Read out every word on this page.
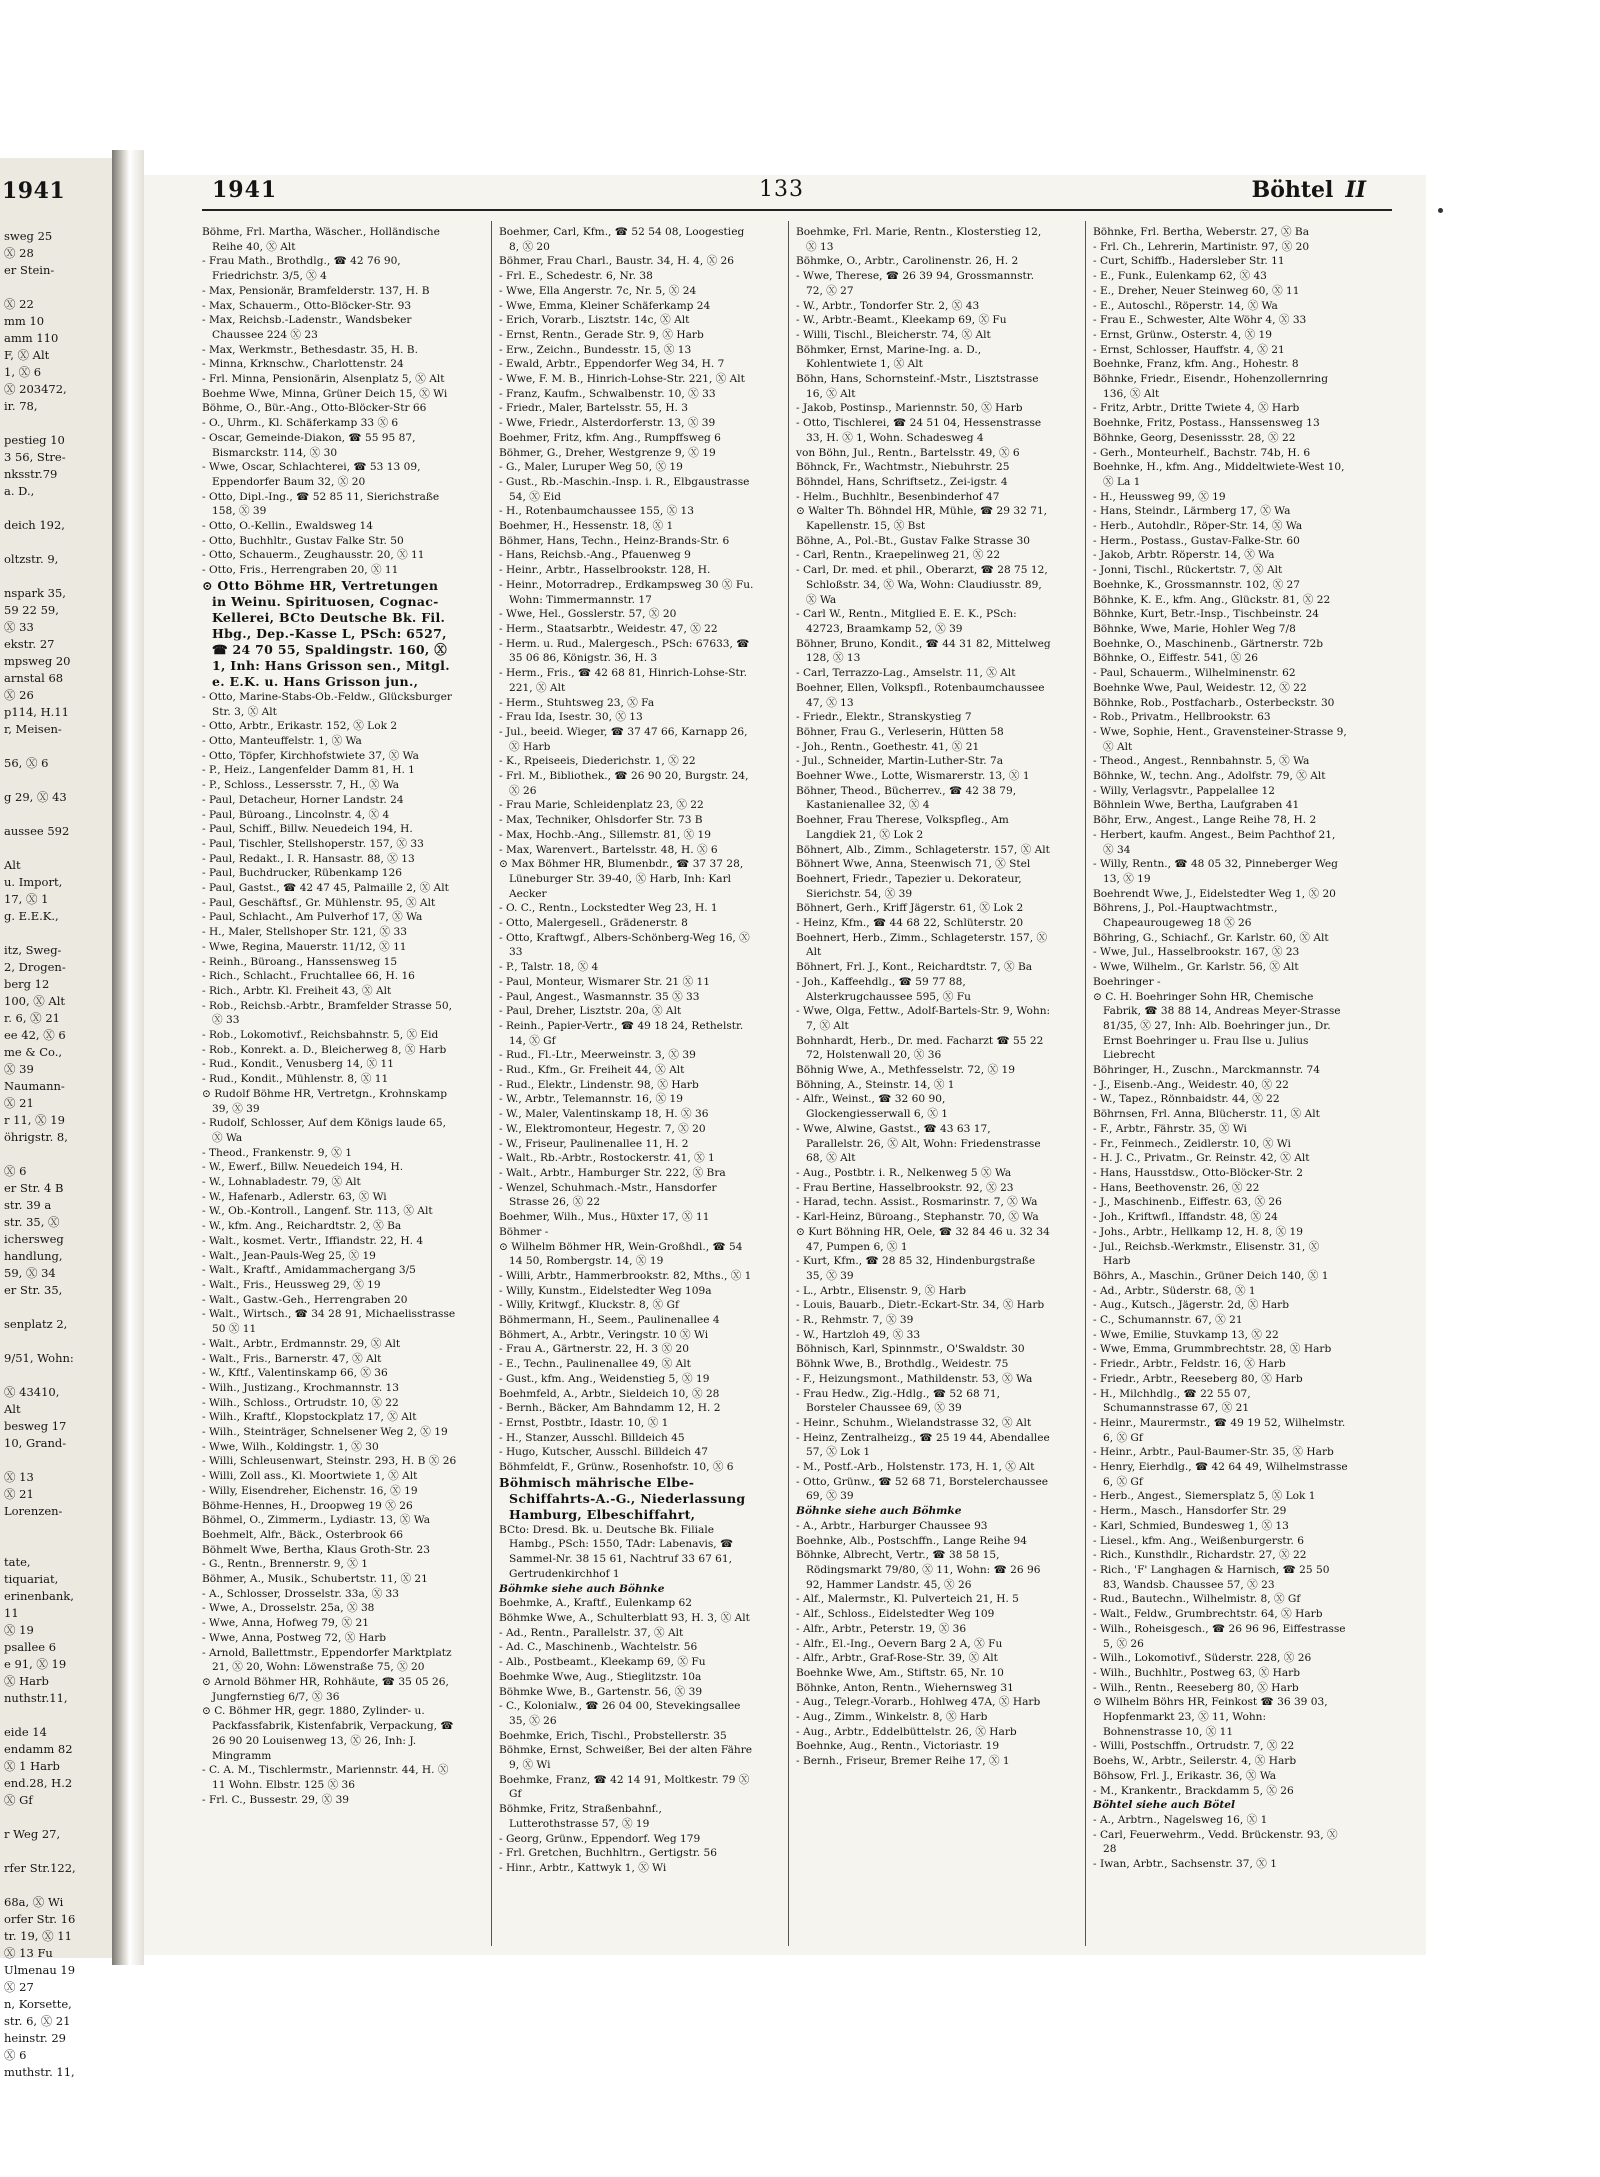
1941
sweg 25
Ⓧ 28
er Stein-
Ⓧ 22
mm 10
amm 110
F, Ⓧ Alt
1, Ⓧ 6
Ⓧ 203472,
ir. 78,
pestieg 10
3 56, Stre-
nksstr.79
a. D.,
deich 192,
oltzstr. 9,
nspark 35,
59 22 59,
Ⓧ 33
ekstr. 27
mpsweg 20
arnstal 68
Ⓧ 26
p114, H.11
r, Meisen-
56, Ⓧ 6
g 29, Ⓧ 43
aussee 592
Alt
u. Import,
17, Ⓧ 1
g. E.E.K.,
itz, Sweg-
2, Drogen-
berg 12
100, Ⓧ Alt
r. 6, Ⓧ 21
ee 42, Ⓧ 6
me & Co.,
Ⓧ 39
Naumann-
Ⓧ 21
r 11, Ⓧ 19
öhrigstr. 8,
Ⓧ 6
er Str. 4 B
str. 39 a
str. 35, Ⓧ
ichersweg
handlung,
59, Ⓧ 34
er Str. 35,
senplatz 2,
9/51, Wohn:
Ⓧ 43410,
Alt
besweg 17
10, Grand-
Ⓧ 13
Ⓧ 21
Lorenzen-
tate,
tiquariat,
erinenbank,
11
Ⓧ 19
psallee 6
e 91, Ⓧ 19
Ⓧ Harb
nuthstr.11,
eide 14
endamm 82
Ⓧ 1 Harb
end.28, H.2
Ⓧ Gf
r Weg 27,
rfer Str.122,
68a, Ⓧ Wi
orfer Str. 16
tr. 19, Ⓧ 11
Ⓧ 13 Fu
Ulmenau 19
Ⓧ 27
n, Korsette,
str. 6, Ⓧ 21
heinstr. 29
Ⓧ 6
muthstr. 11,
1941	133	Böhtel II
Böhme, Frl. Martha, Wäscher., Holländische Reihe 40, Ⓧ Alt
- Frau Math., Brothdlg., ☎ 42 76 90, Friedrichstr. 3/5, Ⓧ 4
- Max, Pensionär, Bramfelderstr. 137, H. B
- Max, Schauerm., Otto-Blöcker-Str. 93
- Max, Reichsb.-Ladenstr., Wandsbeker Chaussee 224 Ⓧ 23
- Max, Werkmstr., Bethesdastr. 35, H. B.
- Minna, Krknschw., Charlottenstr. 24
- Frl. Minna, Pensionärin, Alsenplatz 5, Ⓧ Alt
Boehme Wwe, Minna, Grüner Deich 15, Ⓧ Wi
Böhme, O., Bür.-Ang., Otto-Blöcker-Str 66
- O., Uhrm., Kl. Schäferkamp 33 Ⓧ 6
- Oscar, Gemeinde-Diakon, ☎ 55 95 87, Bismarckstr. 114, Ⓧ 30
- Wwe, Oscar, Schlachterei, ☎ 53 13 09, Eppendorfer Baum 32, Ⓧ 20
- Otto, Dipl.-Ing., ☎ 52 85 11, Sierichstraße 158, Ⓧ 39
- Otto, O.-Kellin., Ewaldsweg 14
- Otto, Buchhltr., Gustav Falke Str. 50
- Otto, Schauerm., Zeughausstr. 20, Ⓧ 11
- Otto, Fris., Herrengraben 20, Ⓧ 11
⊙ Otto Böhme HR, Vertretungen in Weinu. Spirituosen, Cognac-Kellerei, BCto Deutsche Bk. Fil. Hbg., Dep.-Kasse L, PSch: 6527, ☎ 24 70 55, Spaldingstr. 160, Ⓧ 1, Inh: Hans Grisson sen., Mitgl. e. E.K. u. Hans Grisson jun.,
- Otto, Marine-Stabs-Ob.-Feldw., Glücksburger Str. 3, Ⓧ Alt
- Otto, Arbtr., Erikastr. 152, Ⓧ Lok 2
- Otto, Manteuffelstr. 1, Ⓧ Wa
- Otto, Töpfer, Kirchhofstwiete 37, Ⓧ Wa
- P., Heiz., Langenfelder Damm 81, H. 1
- P., Schloss., Lessersstr. 7, H., Ⓧ Wa
- Paul, Detacheur, Horner Landstr. 24
- Paul, Büroang., Lincolnstr. 4, Ⓧ 4
- Paul, Schiff., Billw. Neuedeich 194, H.
- Paul, Tischler, Stellshoperstr. 157, Ⓧ 33
- Paul, Redakt., I. R. Hansastr. 88, Ⓧ 13
- Paul, Buchdrucker, Rübenkamp 126
- Paul, Gastst., ☎ 42 47 45, Palmaille 2, Ⓧ Alt
- Paul, Geschäftsf., Gr. Mühlenstr. 95, Ⓧ Alt
- Paul, Schlacht., Am Pulverhof 17, Ⓧ Wa
- H., Maler, Stellshoper Str. 121, Ⓧ 33
- Wwe, Regina, Mauerstr. 11/12, Ⓧ 11
- Reinh., Büroang., Hanssensweg 15
- Rich., Schlacht., Fruchtallee 66, H. 16
- Rich., Arbtr. Kl. Freiheit 43, Ⓧ Alt
- Rob., Reichsb.-Arbtr., Bramfelder Strasse 50, Ⓧ 33
- Rob., Lokomotivf., Reichsbahnstr. 5, Ⓧ Eid
- Rob., Konrekt. a. D., Bleicherweg 8, Ⓧ Harb
- Rud., Kondit., Venusberg 14, Ⓧ 11
- Rud., Kondit., Mühlenstr. 8, Ⓧ 11
⊙ Rudolf Böhme HR, Vertretgn., Krohnskamp 39, Ⓧ 39
- Rudolf, Schlosser, Auf dem Königs laude 65, Ⓧ Wa
- Theod., Frankenstr. 9, Ⓧ 1
- W., Ewerf., Billw. Neuedeich 194, H.
- W., Lohnabladestr. 79, Ⓧ Alt
- W., Hafenarb., Adlerstr. 63, Ⓧ Wi
- W., Ob.-Kontroll., Langenf. Str. 113, Ⓧ Alt
- W., kfm. Ang., Reichardtstr. 2, Ⓧ Ba
- Walt., kosmet. Vertr., Iffiandstr. 22, H. 4
- Walt., Jean-Pauls-Weg 25, Ⓧ 19
- Walt., Kraftf., Amidammachergang 3/5
- Walt., Fris., Heussweg 29, Ⓧ 19
- Walt., Gastw.-Geh., Herrengraben 20
- Walt., Wirtsch., ☎ 34 28 91, Michaelisstrasse 50 Ⓧ 11
- Walt., Arbtr., Erdmannstr. 29, Ⓧ Alt
- Walt., Fris., Barnerstr. 47, Ⓧ Alt
- W., Kftf., Valentinskamp 66, Ⓧ 36
- Wilh., Justizang., Krochmannstr. 13
- Wilh., Schloss., Ortrudstr. 10, Ⓧ 22
- Wilh., Kraftf., Klopstockplatz 17, Ⓧ Alt
- Wilh., Steinträger, Schnelsener Weg 2, Ⓧ 19
- Wwe, Wilh., Koldingstr. 1, Ⓧ 30
- Willi, Schleusenwart, Steinstr. 293, H. B Ⓧ 26
- Willi, Zoll ass., Kl. Moortwiete 1, Ⓧ Alt
- Willy, Eisendreher, Eichenstr. 16, Ⓧ 19
Böhme-Hennes, H., Droopweg 19 Ⓧ 26
Böhmel, O., Zimmerm., Lydiastr. 13, Ⓧ Wa
Boehmelt, Alfr., Bäck., Osterbrook 66
Böhmelt Wwe, Bertha, Klaus Groth-Str. 23
- G., Rentn., Brennerstr. 9, Ⓧ 1
Böhmer, A., Musik., Schubertstr. 11, Ⓧ 21
- A., Schlosser, Drosselstr. 33a, Ⓧ 33
- Wwe, A., Drosselstr. 25a, Ⓧ 38
- Wwe, Anna, Hofweg 79, Ⓧ 21
- Wwe, Anna, Postweg 72, Ⓧ Harb
- Arnold, Ballettmstr., Eppendorfer Marktplatz 21, Ⓧ 20, Wohn: Löwenstraße 75, Ⓧ 20
⊙ Arnold Böhmer HR, Rohhäute, ☎ 35 05 26, Jungfernstieg 6/7, Ⓧ 36
⊙ C. Böhmer HR, gegr. 1880, Zylinder- u. Packfassfabrik, Kistenfabrik, Verpackung, ☎ 26 90 20 Louisenweg 13, Ⓧ 26, Inh: J. Mingramm
- C. A. M., Tischlermstr., Mariennstr. 44, H. Ⓧ 11 Wohn. Elbstr. 125 Ⓧ 36
- Frl. C., Bussestr. 29, Ⓧ 39
Boehmer, Carl, Kfm., ☎ 52 54 08, Loogestieg 8, Ⓧ 20
Böhmer, Frau Charl., Baustr. 34, H. 4, Ⓧ 26
- Frl. E., Schedestr. 6, Nr. 38
- Wwe, Ella Angerstr. 7c, Nr. 5, Ⓧ 24
- Wwe, Emma, Kleiner Schäferkamp 24
- Erich, Vorarb., Lisztstr. 14c, Ⓧ Alt
- Ernst, Rentn., Gerade Str. 9, Ⓧ Harb
- Erw., Zeichn., Bundesstr. 15, Ⓧ 13
- Ewald, Arbtr., Eppendorfer Weg 34, H. 7
- Wwe, F. M. B., Hinrich-Lohse-Str. 221, Ⓧ Alt
- Franz, Kaufm., Schwalbenstr. 10, Ⓧ 33
- Friedr., Maler, Bartelsstr. 55, H. 3
- Wwe, Friedr., Alsterdorferstr. 13, Ⓧ 39
Boehmer, Fritz, kfm. Ang., Rumpffsweg 6
Böhmer, G., Dreher, Westgrenze 9, Ⓧ 19
- G., Maler, Luruper Weg 50, Ⓧ 19
- Gust., Rb.-Maschin.-Insp. i. R., Elbgaustrasse 54, Ⓧ Eid
- H., Rotenbaumchaussee 155, Ⓧ 13
Boehmer, H., Hessenstr. 18, Ⓧ 1
Böhmer, Hans, Techn., Heinz-Brands-Str. 6
- Hans, Reichsb.-Ang., Pfauenweg 9
- Heinr., Arbtr., Hasselbrookstr. 128, H.
- Heinr., Motorradrep., Erdkampsweg 30 Ⓧ Fu. Wohn: Timmermannstr. 17
- Wwe, Hel., Gosslerstr. 57, Ⓧ 20
- Herm., Staatsarbtr., Weidestr. 47, Ⓧ 22
- Herm. u. Rud., Malergesch., PSch: 67633, ☎ 35 06 86, Königstr. 36, H. 3
- Herm., Fris., ☎ 42 68 81, Hinrich-Lohse-Str. 221, Ⓧ Alt
- Herm., Stuhtsweg 23, Ⓧ Fa
- Frau Ida, Isestr. 30, Ⓧ 13
- Jul., beeid. Wieger, ☎ 37 47 66, Karnapp 26, Ⓧ Harb
- K., Rpeiseeis, Diederichstr. 1, Ⓧ 22
- Frl. M., Bibliothek., ☎ 26 90 20, Burgstr. 24, Ⓧ 26
- Frau Marie, Schleidenplatz 23, Ⓧ 22
- Max, Techniker, Ohlsdorfer Str. 73 B
- Max, Hochb.-Ang., Sillemstr. 81, Ⓧ 19
- Max, Warenvert., Bartelsstr. 48, H. Ⓧ 6
⊙ Max Böhmer HR, Blumenbdr., ☎ 37 37 28, Lüneburger Str. 39-40, Ⓧ Harb, Inh: Karl Aecker
- O. C., Rentn., Lockstedter Weg 23, H. 1
- Otto, Malergesell., Grädenerstr. 8
- Otto, Kraftwgf., Albers-Schönberg-Weg 16, Ⓧ 33
- P., Talstr. 18, Ⓧ 4
- Paul, Monteur, Wismarer Str. 21 Ⓧ 11
- Paul, Angest., Wasmannstr. 35 Ⓧ 33
- Paul, Dreher, Lisztstr. 20a, Ⓧ Alt
- Reinh., Papier-Vertr., ☎ 49 18 24, Rethelstr. 14, Ⓧ Gf
- Rud., Fl.-Ltr., Meerweinstr. 3, Ⓧ 39
- Rud., Kfm., Gr. Freiheit 44, Ⓧ Alt
- Rud., Elektr., Lindenstr. 98, Ⓧ Harb
- W., Arbtr., Telemannstr. 16, Ⓧ 19
- W., Maler, Valentinskamp 18, H. Ⓧ 36
- W., Elektromonteur, Hegestr. 7, Ⓧ 20
- W., Friseur, Paulinenallee 11, H. 2
- Walt., Rb.-Arbtr., Rostockerstr. 41, Ⓧ 1
- Walt., Arbtr., Hamburger Str. 222, Ⓧ Bra
- Wenzel, Schuhmach.-Mstr., Hansdorfer Strasse 26, Ⓧ 22
Boehmer, Wilh., Mus., Hüxter 17, Ⓧ 11
Böhmer -
⊙ Wilhelm Böhmer HR, Wein-Großhdl., ☎ 54 14 50, Rombergstr. 14, Ⓧ 19
- Willi, Arbtr., Hammerbrookstr. 82, Mths., Ⓧ 1
- Willy, Kunstm., Eidelstedter Weg 109a
- Willy, Kritwgf., Kluckstr. 8, Ⓧ Gf
Böhmermann, H., Seem., Paulinenallee 4
Böhmert, A., Arbtr., Veringstr. 10 Ⓧ Wi
- Frau A., Gärtnerstr. 22, H. 3 Ⓧ 20
- E., Techn., Paulinenallee 49, Ⓧ Alt
- Gust., kfm. Ang., Weidenstieg 5, Ⓧ 19
Boehmfeld, A., Arbtr., Sieldeich 10, Ⓧ 28
- Bernh., Bäcker, Am Bahndamm 12, H. 2
- Ernst, Postbtr., Idastr. 10, Ⓧ 1
- H., Stanzer, Ausschl. Billdeich 45
- Hugo, Kutscher, Ausschl. Billdeich 47
Böhmfeldt, F., Grünw., Rosenhofstr. 10, Ⓧ 6
Böhmisch mährische Elbe-Schiffahrts-A.-G., Niederlassung Hamburg, Elbeschiffahrt,
BCto: Dresd. Bk. u. Deutsche Bk. Filiale Hambg., PSch: 1550, TAdr: Labenavis, ☎ Sammel-Nr. 38 15 61, Nachtruf 33 67 61, Gertrudenkirchhof 1
Böhmke siehe auch Böhnke
Boehmke, A., Kraftf., Eulenkamp 62
Böhmke Wwe, A., Schulterblatt 93, H. 3, Ⓧ Alt
- Ad., Rentn., Parallelstr. 37, Ⓧ Alt
- Ad. C., Maschinenb., Wachtelstr. 56
- Alb., Postbeamt., Kleekamp 69, Ⓧ Fu
Boehmke Wwe, Aug., Stieglitzstr. 10a
Böhmke Wwe, B., Gartenstr. 56, Ⓧ 39
- C., Kolonialw., ☎ 26 04 00, Stevekingsallee 35, Ⓧ 26
Boehmke, Erich, Tischl., Probstellerstr. 35
Böhmke, Ernst, Schweißer, Bei der alten Fähre 9, Ⓧ Wi
Boehmke, Franz, ☎ 42 14 91, Moltkestr. 79 Ⓧ Gf
Böhmke, Fritz, Straßenbahnf., Lutterothstrasse 57, Ⓧ 19
- Georg, Grünw., Eppendorf. Weg 179
- Frl. Gretchen, Buchhltrn., Gertigstr. 56
- Hinr., Arbtr., Kattwyk 1, Ⓧ Wi
Boehmke, Frl. Marie, Rentn., Klosterstieg 12, Ⓧ 13
Böhmke, O., Arbtr., Carolinenstr. 26, H. 2
- Wwe, Therese, ☎ 26 39 94, Grossmannstr. 72, Ⓧ 27
- W., Arbtr., Tondorfer Str. 2, Ⓧ 43
- W., Arbtr.-Beamt., Kleekamp 69, Ⓧ Fu
- Willi, Tischl., Bleicherstr. 74, Ⓧ Alt
Böhmker, Ernst, Marine-Ing. a. D., Kohlentwiete 1, Ⓧ Alt
Böhn, Hans, Schornsteinf.-Mstr., Lisztstrasse 16, Ⓧ Alt
- Jakob, Postinsp., Mariennstr. 50, Ⓧ Harb
- Otto, Tischlerei, ☎ 24 51 04, Hessenstrasse 33, H. Ⓧ 1, Wohn. Schadesweg 4
von Böhn, Jul., Rentn., Bartelsstr. 49, Ⓧ 6
Böhnck, Fr., Wachtmstr., Niebuhrstr. 25
Böhndel, Hans, Schriftsetz., Zei-igstr. 4
- Helm., Buchhltr., Besenbinderhof 47
⊙ Walter Th. Böhndel HR, Mühle, ☎ 29 32 71, Kapellenstr. 15, Ⓧ Bst
Böhne, A., Pol.-Bt., Gustav Falke Strasse 30
- Carl, Rentn., Kraepelinweg 21, Ⓧ 22
- Carl, Dr. med. et phil., Oberarzt, ☎ 28 75 12, Schloßstr. 34, Ⓧ Wa, Wohn: Claudiusstr. 89, Ⓧ Wa
- Carl W., Rentn., Mitglied E. E. K., PSch: 42723, Braamkamp 52, Ⓧ 39
Böhner, Bruno, Kondit., ☎ 44 31 82, Mittelweg 128, Ⓧ 13
- Carl, Terrazzo-Lag., Amselstr. 11, Ⓧ Alt
Boehner, Ellen, Volkspfl., Rotenbaumchaussee 47, Ⓧ 13
- Friedr., Elektr., Stranskystieg 7
Böhner, Frau G., Verleserin, Hütten 58
- Joh., Rentn., Goethestr. 41, Ⓧ 21
- Jul., Schneider, Martin-Luther-Str. 7a
Boehner Wwe., Lotte, Wismarerstr. 13, Ⓧ 1
Böhner, Theod., Bücherrev., ☎ 42 38 79, Kastanienallee 32, Ⓧ 4
Boehner, Frau Therese, Volkspfleg., Am Langdiek 21, Ⓧ Lok 2
Böhnert, Alb., Zimm., Schlageterstr. 157, Ⓧ Alt
Böhnert Wwe, Anna, Steenwisch 71, Ⓧ Stel
Boehnert, Friedr., Tapezier u. Dekorateur, Sierichstr. 54, Ⓧ 39
Böhnert, Gerh., Kriff Jägerstr. 61, Ⓧ Lok 2
- Heinz, Kfm., ☎ 44 68 22, Schlüterstr. 20
Boehnert, Herb., Zimm., Schlageterstr. 157, Ⓧ Alt
Böhnert, Frl. J., Kont., Reichardtstr. 7, Ⓧ Ba
- Joh., Kaffeehdlg., ☎ 59 77 88, Alsterkrugchaussee 595, Ⓧ Fu
- Wwe, Olga, Fettw., Adolf-Bartels-Str. 9, Wohn: 7, Ⓧ Alt
Bohnhardt, Herb., Dr. med. Facharzt ☎ 55 22 72, Holstenwall 20, Ⓧ 36
Böhnig Wwe, A., Methfesselstr. 72, Ⓧ 19
Böhning, A., Steinstr. 14, Ⓧ 1
- Alfr., Weinst., ☎ 32 60 90, Glockengiesserwall 6, Ⓧ 1
- Wwe, Alwine, Gastst., ☎ 43 63 17, Parallelstr. 26, Ⓧ Alt, Wohn: Friedenstrasse 68, Ⓧ Alt
- Aug., Postbtr. i. R., Nelkenweg 5 Ⓧ Wa
- Frau Bertine, Hasselbrookstr. 92, Ⓧ 23
- Harad, techn. Assist., Rosmarinstr. 7, Ⓧ Wa
- Karl-Heinz, Büroang., Stephanstr. 70, Ⓧ Wa
⊙ Kurt Böhning HR, Oele, ☎ 32 84 46 u. 32 34 47, Pumpen 6, Ⓧ 1
- Kurt, Kfm., ☎ 28 85 32, Hindenburgstraße 35, Ⓧ 39
- L., Arbtr., Elisenstr. 9, Ⓧ Harb
- Louis, Bauarb., Dietr.-Eckart-Str. 34, Ⓧ Harb
- R., Rehmstr. 7, Ⓧ 39
- W., Hartzloh 49, Ⓧ 33
Böhnisch, Karl, Spinnmstr., O'Swaldstr. 30
Böhnk Wwe, B., Brothdlg., Weidestr. 75
- F., Heizungsmont., Mathildenstr. 53, Ⓧ Wa
- Frau Hedw., Zig.-Hdlg., ☎ 52 68 71, Borsteler Chaussee 69, Ⓧ 39
- Heinr., Schuhm., Wielandstrasse 32, Ⓧ Alt
- Heinz, Zentralheizg., ☎ 25 19 44, Abendallee 57, Ⓧ Lok 1
- M., Postf.-Arb., Holstenstr. 173, H. 1, Ⓧ Alt
- Otto, Grünw., ☎ 52 68 71, Borstelerchaussee 69, Ⓧ 39
Böhnke siehe auch Böhmke
- A., Arbtr., Harburger Chaussee 93
Boehnke, Alb., Postschffn., Lange Reihe 94
Böhnke, Albrecht, Vertr., ☎ 38 58 15, Rödingsmarkt 79/80, Ⓧ 11, Wohn: ☎ 26 96 92, Hammer Landstr. 45, Ⓧ 26
- Alf., Malermstr., Kl. Pulverteich 21, H. 5
- Alf., Schloss., Eidelstedter Weg 109
- Alfr., Arbtr., Peterstr. 19, Ⓧ 36
- Alfr., El.-Ing., Oevern Barg 2 A, Ⓧ Fu
- Alfr., Arbtr., Graf-Rose-Str. 39, Ⓧ Alt
Boehnke Wwe, Am., Stiftstr. 65, Nr. 10
Böhnke, Anton, Rentn., Wiehernsweg 31
- Aug., Telegr.-Vorarb., Hohlweg 47A, Ⓧ Harb
- Aug., Zimm., Winkelstr. 8, Ⓧ Harb
- Aug., Arbtr., Eddelbüttelstr. 26, Ⓧ Harb
Boehnke, Aug., Rentn., Victoriastr. 19
- Bernh., Friseur, Bremer Reihe 17, Ⓧ 1
Böhnke, Frl. Bertha, Weberstr. 27, Ⓧ Ba
- Frl. Ch., Lehrerin, Martinistr. 97, Ⓧ 20
- Curt, Schiffb., Hadersleber Str. 11
- E., Funk., Eulenkamp 62, Ⓧ 43
- E., Dreher, Neuer Steinweg 60, Ⓧ 11
- E., Autoschl., Röperstr. 14, Ⓧ Wa
- Frau E., Schwester, Alte Wöhr 4, Ⓧ 33
- Ernst, Grünw., Osterstr. 4, Ⓧ 19
- Ernst, Schlosser, Hauffstr. 4, Ⓧ 21
Boehnke, Franz, kfm. Ang., Hohestr. 8
Böhnke, Friedr., Eisendr., Hohenzollernring 136, Ⓧ Alt
- Fritz, Arbtr., Dritte Twiete 4, Ⓧ Harb
Boehnke, Fritz, Postass., Hanssensweg 13
Böhnke, Georg, Desenissstr. 28, Ⓧ 22
- Gerh., Monteurhelf., Bachstr. 74b, H. 6
Boehnke, H., kfm. Ang., Middeltwiete-West 10, Ⓧ La 1
- H., Heussweg 99, Ⓧ 19
- Hans, Steindr., Lärmberg 17, Ⓧ Wa
- Herb., Autohdlr., Röper-Str. 14, Ⓧ Wa
- Herm., Postass., Gustav-Falke-Str. 60
- Jakob, Arbtr. Röperstr. 14, Ⓧ Wa
- Jonni, Tischl., Rückertstr. 7, Ⓧ Alt
Boehnke, K., Grossmannstr. 102, Ⓧ 27
Böhnke, K. E., kfm. Ang., Glückstr. 81, Ⓧ 22
Böhnke, Kurt, Betr.-Insp., Tischbeinstr. 24
Böhnke, Wwe, Marie, Hohler Weg 7/8
Boehnke, O., Maschinenb., Gärtnerstr. 72b
Böhnke, O., Eiffestr. 541, Ⓧ 26
- Paul, Schauerm., Wilhelminenstr. 62
Boehnke Wwe, Paul, Weidestr. 12, Ⓧ 22
Böhnke, Rob., Postfacharb., Osterbeckstr. 30
- Rob., Privatm., Hellbrookstr. 63
- Wwe, Sophie, Hent., Gravensteiner-Strasse 9, Ⓧ Alt
- Theod., Angest., Rennbahnstr. 5, Ⓧ Wa
Böhnke, W., techn. Ang., Adolfstr. 79, Ⓧ Alt
- Willy, Verlagsvtr., Pappelallee 12
Böhnlein Wwe, Bertha, Laufgraben 41
Böhr, Erw., Angest., Lange Reihe 78, H. 2
- Herbert, kaufm. Angest., Beim Pachthof 21, Ⓧ 34
- Willy, Rentn., ☎ 48 05 32, Pinneberger Weg 13, Ⓧ 19
Boehrendt Wwe, J., Eidelstedter Weg 1, Ⓧ 20
Böhrens, J., Pol.-Hauptwachtmstr., Chapeaurougeweg 18 Ⓧ 26
Böhring, G., Schiachf., Gr. Karlstr. 60, Ⓧ Alt
- Wwe, Jul., Hasselbrookstr. 167, Ⓧ 23
- Wwe, Wilhelm., Gr. Karlstr. 56, Ⓧ Alt
Boehringer -
⊙ C. H. Boehringer Sohn HR, Chemische Fabrik, ☎ 38 88 14, Andreas Meyer-Strasse 81/35, Ⓧ 27, Inh: Alb. Boehringer jun., Dr. Ernst Boehringer u. Frau Ilse u. Julius Liebrecht
Böhringer, H., Zuschn., Marckmannstr. 74
- J., Eisenb.-Ang., Weidestr. 40, Ⓧ 22
- W., Tapez., Rönnbaidstr. 44, Ⓧ 22
Böhrnsen, Frl. Anna, Blücherstr. 11, Ⓧ Alt
- F., Arbtr., Fährstr. 35, Ⓧ Wi
- Fr., Feinmech., Zeidlerstr. 10, Ⓧ Wi
- H. J. C., Privatm., Gr. Reinstr. 42, Ⓧ Alt
- Hans, Hausstdsw., Otto-Blöcker-Str. 2
- Hans, Beethovenstr. 26, Ⓧ 22
- J., Maschinenb., Eiffestr. 63, Ⓧ 26
- Joh., Kriftwfl., Iffandstr. 48, Ⓧ 24
- Johs., Arbtr., Hellkamp 12, H. 8, Ⓧ 19
- Jul., Reichsb.-Werkmstr., Elisenstr. 31, Ⓧ Harb
Böhrs, A., Maschin., Grüner Deich 140, Ⓧ 1
- Ad., Arbtr., Süderstr. 68, Ⓧ 1
- Aug., Kutsch., Jägerstr. 2d, Ⓧ Harb
- C., Schumannstr. 67, Ⓧ 21
- Wwe, Emilie, Stuvkamp 13, Ⓧ 22
- Wwe, Emma, Grummbrechtstr. 28, Ⓧ Harb
- Friedr., Arbtr., Feldstr. 16, Ⓧ Harb
- Friedr., Arbtr., Reeseberg 80, Ⓧ Harb
- H., Milchhdlg., ☎ 22 55 07, Schumannstrasse 67, Ⓧ 21
- Heinr., Maurermstr., ☎ 49 19 52, Wilhelmstr. 6, Ⓧ Gf
- Heinr., Arbtr., Paul-Baumer-Str. 35, Ⓧ Harb
- Henry, Eierhdlg., ☎ 42 64 49, Wilhelmstrasse 6, Ⓧ Gf
- Herb., Angest., Siemersplatz 5, Ⓧ Lok 1
- Herm., Masch., Hansdorfer Str. 29
- Karl, Schmied, Bundesweg 1, Ⓧ 13
- Liesel., kfm. Ang., Weißenburgerstr. 6
- Rich., Kunsthdlr., Richardstr. 27, Ⓧ 22
- Rich., 'F' Langhagen & Harnisch, ☎ 25 50 83, Wandsb. Chaussee 57, Ⓧ 23
- Rud., Bautechn., Wilhelmistr. 8, Ⓧ Gf
- Walt., Feldw., Grumbrechtstr. 64, Ⓧ Harb
- Wilh., Roheisgesch., ☎ 26 96 96, Eiffestrasse 5, Ⓧ 26
- Wilh., Lokomotivf., Süderstr. 228, Ⓧ 26
- Wilh., Buchhltr., Postweg 63, Ⓧ Harb
- Wilh., Rentn., Reeseberg 80, Ⓧ Harb
⊙ Wilhelm Böhrs HR, Feinkost ☎ 36 39 03, Hopfenmarkt 23, Ⓧ 11, Wohn: Bohnenstrasse 10, Ⓧ 11
- Willi, Postschffn., Ortrudstr. 7, Ⓧ 22
Boehs, W., Arbtr., Seilerstr. 4, Ⓧ Harb
Böhsow, Frl. J., Erikastr. 36, Ⓧ Wa
- M., Krankentr., Brackdamm 5, Ⓧ 26
Böhtel siehe auch Bötel
- A., Arbtrn., Nagelsweg 16, Ⓧ 1
- Carl, Feuerwehrm., Vedd. Brückenstr. 93, Ⓧ 28
- Iwan, Arbtr., Sachsenstr. 37, Ⓧ 1
